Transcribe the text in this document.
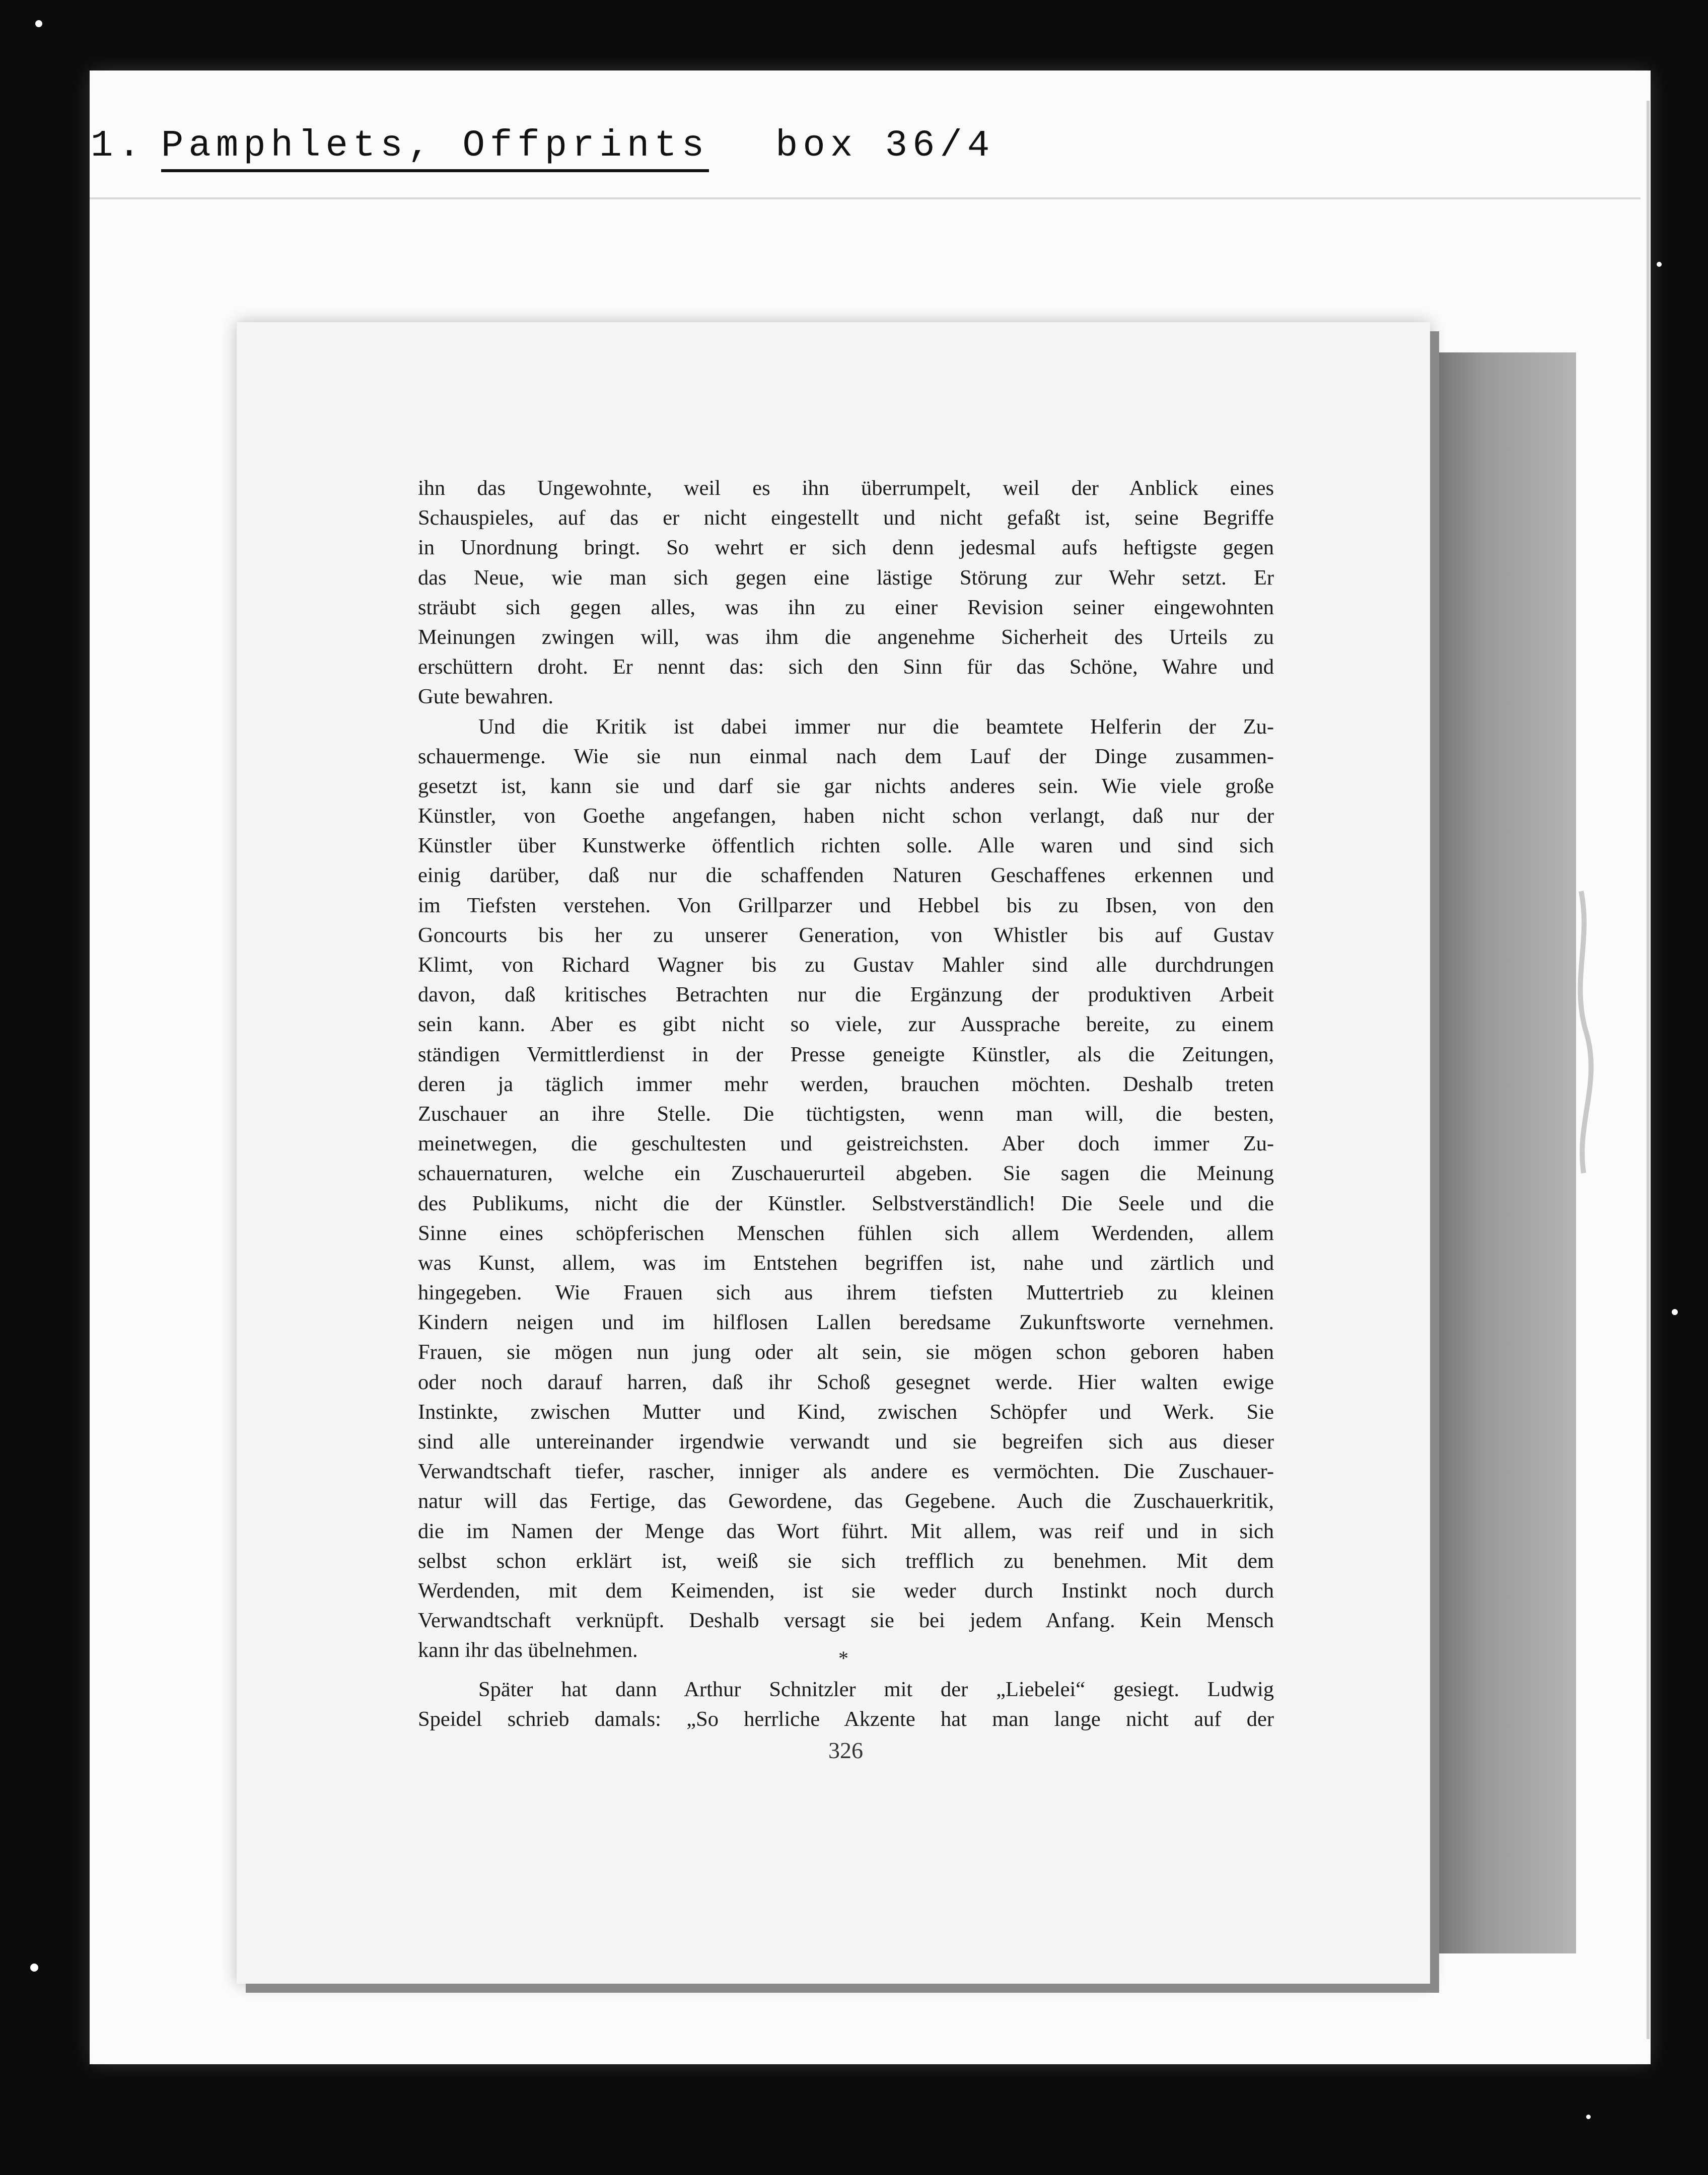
1. Pamphlets, Offprints box 36/4
ihn das Ungewohnte, weil es ihn überrumpelt, weil der Anblick eines
Schauspieles, auf das er nicht eingestellt und nicht gefaßt ist, seine Begriffe
in Unordnung bringt. So wehrt er sich denn jedesmal aufs heftigste gegen
das Neue, wie man sich gegen eine lästige Störung zur Wehr setzt. Er
sträubt sich gegen alles, was ihn zu einer Revision seiner eingewohnten
Meinungen zwingen will, was ihm die angenehme Sicherheit des Urteils zu
erschüttern droht. Er nennt das: sich den Sinn für das Schöne, Wahre und
Gute bewahren.
Und die Kritik ist dabei immer nur die beamtete Helferin der Zu-
schauermenge. Wie sie nun einmal nach dem Lauf der Dinge zusammen-
gesetzt ist, kann sie und darf sie gar nichts anderes sein. Wie viele große
Künstler, von Goethe angefangen, haben nicht schon verlangt, daß nur der
Künstler über Kunstwerke öffentlich richten solle. Alle waren und sind sich
einig darüber, daß nur die schaffenden Naturen Geschaffenes erkennen und
im Tiefsten verstehen. Von Grillparzer und Hebbel bis zu Ibsen, von den
Goncourts bis her zu unserer Generation, von Whistler bis auf Gustav
Klimt, von Richard Wagner bis zu Gustav Mahler sind alle durchdrungen
davon, daß kritisches Betrachten nur die Ergänzung der produktiven Arbeit
sein kann. Aber es gibt nicht so viele, zur Aussprache bereite, zu einem
ständigen Vermittlerdienst in der Presse geneigte Künstler, als die Zeitungen,
deren ja täglich immer mehr werden, brauchen möchten. Deshalb treten
Zuschauer an ihre Stelle. Die tüchtigsten, wenn man will, die besten,
meinetwegen, die geschultesten und geistreichsten. Aber doch immer Zu-
schauernaturen, welche ein Zuschauerurteil abgeben. Sie sagen die Meinung
des Publikums, nicht die der Künstler. Selbstverständlich! Die Seele und die
Sinne eines schöpferischen Menschen fühlen sich allem Werdenden, allem
was Kunst, allem, was im Entstehen begriffen ist, nahe und zärtlich und
hingegeben. Wie Frauen sich aus ihrem tiefsten Muttertrieb zu kleinen
Kindern neigen und im hilflosen Lallen beredsame Zukunftsworte vernehmen.
Frauen, sie mögen nun jung oder alt sein, sie mögen schon geboren haben
oder noch darauf harren, daß ihr Schoß gesegnet werde. Hier walten ewige
Instinkte, zwischen Mutter und Kind, zwischen Schöpfer und Werk. Sie
sind alle untereinander irgendwie verwandt und sie begreifen sich aus dieser
Verwandtschaft tiefer, rascher, inniger als andere es vermöchten. Die Zuschauer-
natur will das Fertige, das Gewordene, das Gegebene. Auch die Zuschauerkritik,
die im Namen der Menge das Wort führt. Mit allem, was reif und in sich
selbst schon erklärt ist, weiß sie sich trefflich zu benehmen. Mit dem
Werdenden, mit dem Keimenden, ist sie weder durch Instinkt noch durch
Verwandtschaft verknüpft. Deshalb versagt sie bei jedem Anfang. Kein Mensch
kann ihr das übelnehmen.
Später hat dann Arthur Schnitzler mit der „Liebelei“ gesiegt. Ludwig
Speidel schrieb damals: „So herrliche Akzente hat man lange nicht auf der
*
326
